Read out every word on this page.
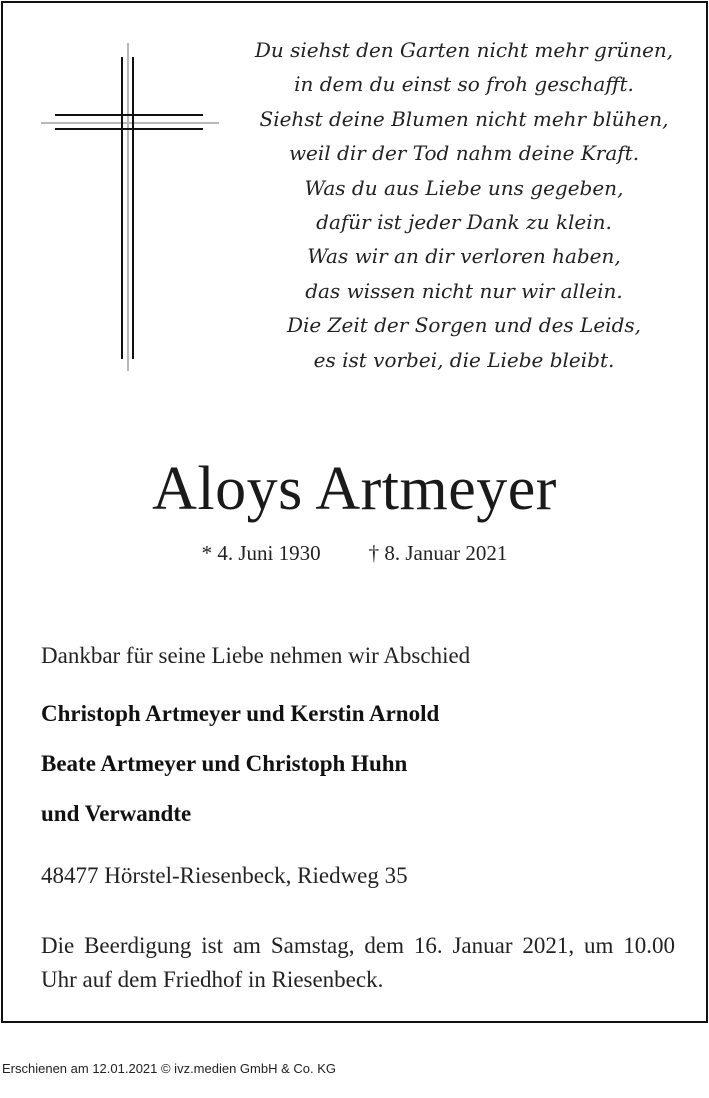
Du siehst den Garten nicht mehr grünen,
in dem du einst so froh geschafft.
Siehst deine Blumen nicht mehr blühen,
weil dir der Tod nahm deine Kraft.
Was du aus Liebe uns gegeben,
dafür ist jeder Dank zu klein.
Was wir an dir verloren haben,
das wissen nicht nur wir allein.
Die Zeit der Sorgen und des Leids,
es ist vorbei, die Liebe bleibt.
Aloys Artmeyer
* 4. Juni 1930 † 8. Januar 2021
Dankbar für seine Liebe nehmen wir Abschied
Christoph Artmeyer und Kerstin Arnold
Beate Artmeyer und Christoph Huhn
und Verwandte
48477 Hörstel-Riesenbeck, Riedweg 35
Die Beerdigung ist am Samstag, dem 16. Januar 2021, um 10.00 Uhr auf dem Friedhof in Riesenbeck.
Erschienen am 12.01.2021 © ivz.medien GmbH & Co. KG
